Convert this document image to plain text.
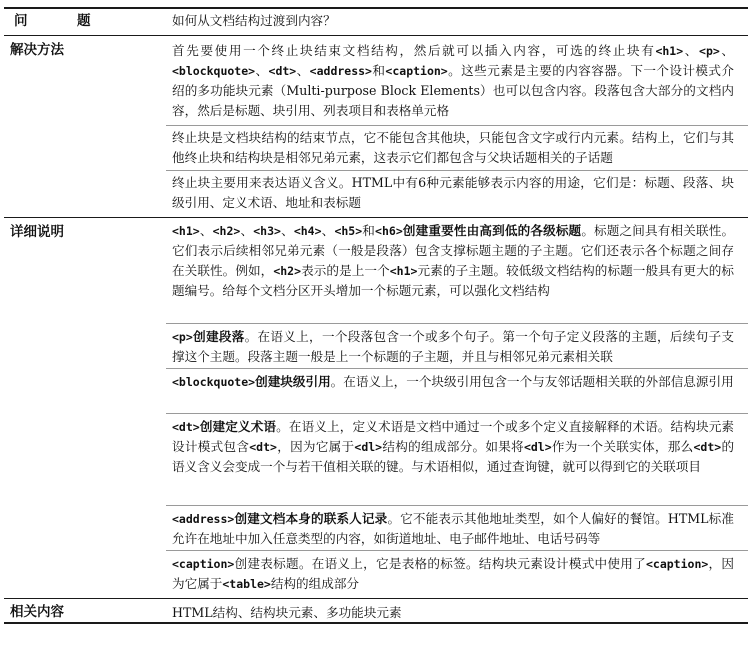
问　题
解决方法
详细说明
相关内容
如何从文档结构过渡到内容？
首先要使用一个终止块结束文档结构，然后就可以插入内容，可选的终止块有<h1>、<p>、<blockquote>、<dt>、<address>和<caption>。这些元素是主要的内容容器。下一个设计模式介绍的多功能块元素（Multi-purpose Block Elements）也可以包含内容。段落包含大部分的文档内容，然后是标题、块引用、列表项目和表格单元格
终止块是文档块结构的结束节点，它不能包含其他块，只能包含文字或行内元素。结构上，它们与其他终止块和结构块是相邻兄弟元素，这表示它们都包含与父块话题相关的子话题
终止块主要用来表达语义含义。HTML中有6种元素能够表示内容的用途，它们是：标题、段落、块级引用、定义术语、地址和表标题
<h1>、<h2>、<h3>、<h4>、<h5>和<h6>创建重要性由高到低的各级标题。标题之间具有相关联性。它们表示后续相邻兄弟元素（一般是段落）包含支撑标题主题的子主题。它们还表示各个标题之间存在关联性。例如，<h2>表示的是上一个<h1>元素的子主题。较低级文档结构的标题一般具有更大的标题编号。给每个文档分区开头增加一个标题元素，可以强化文档结构
<p>创建段落。在语义上，一个段落包含一个或多个句子。第一个句子定义段落的主题，后续句子支撑这个主题。段落主题一般是上一个标题的子主题，并且与相邻兄弟元素相关联
<blockquote>创建块级引用。在语义上，一个块级引用包含一个与友邻话题相关联的外部信息源引用
<dt>创建定义术语。在语义上，定义术语是文档中通过一个或多个定义直接解释的术语。结构块元素设计模式包含<dt>，因为它属于<dl>结构的组成部分。如果将<dl>作为一个关联实体，那么<dt>的语义含义会变成一个与若干值相关联的键。与术语相似，通过查询键，就可以得到它的关联项目
<address>创建文档本身的联系人记录。它不能表示其他地址类型，如个人偏好的餐馆。HTML标准允许在地址中加入任意类型的内容，如街道地址、电子邮件地址、电话号码等
<caption>创建表标题。在语义上，它是表格的标签。结构块元素设计模式中使用了<caption>，因为它属于<table>结构的组成部分
HTML结构、结构块元素、多功能块元素
